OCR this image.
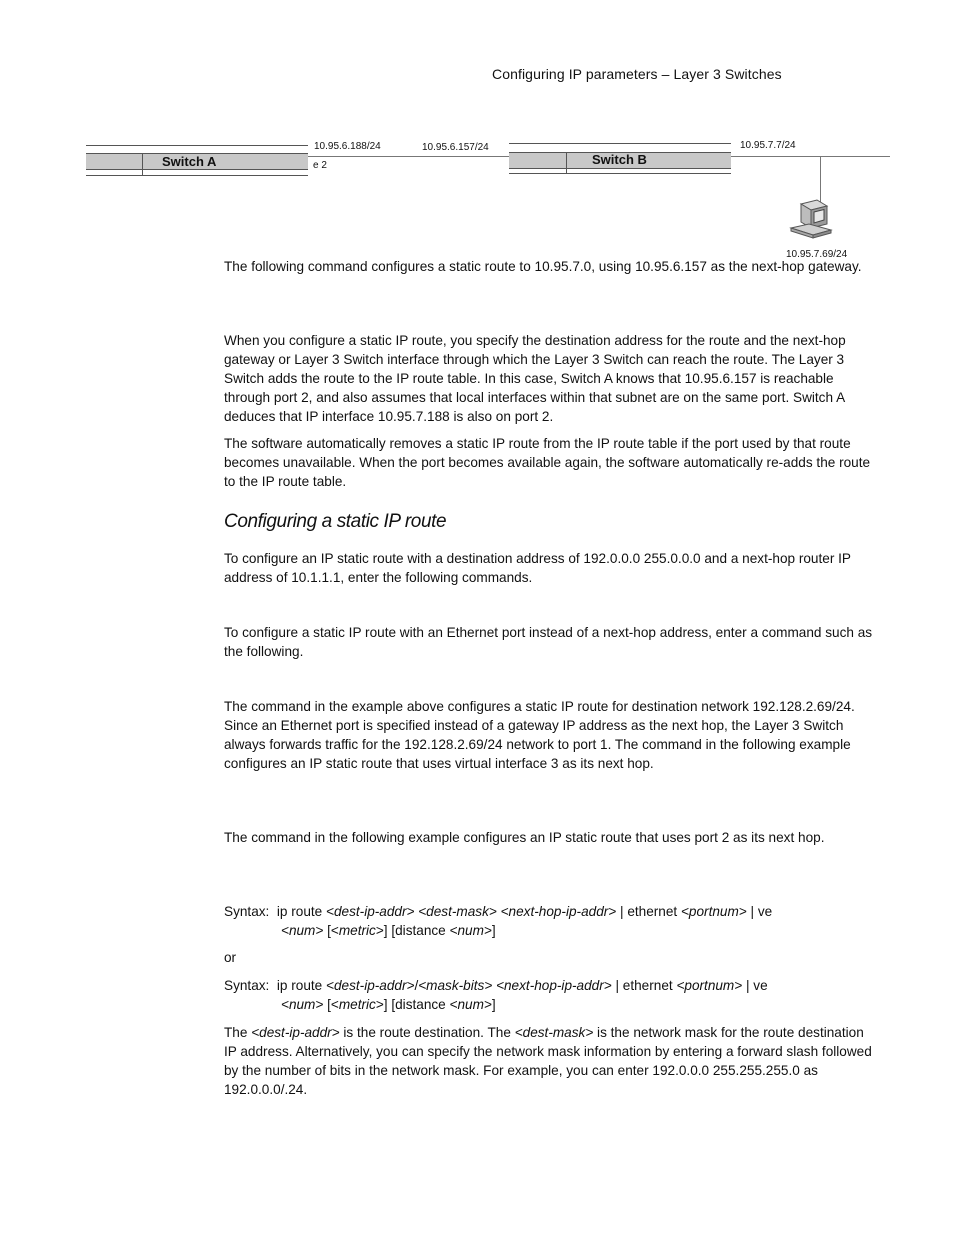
Configuring IP parameters – Layer 3 Switches
Switch A
10.95.6.188/24
e 2
10.95.6.157/24
Switch B
10.95.7.7/24
10.95.7.69/24

The following command configures a static route to 10.95.7.0, using 10.95.6.157 as the next-hop gateway.

When you configure a static IP route, you specify the destination address for the route and the next-hop gateway or Layer 3 Switch interface through which the Layer 3 Switch can reach the route. The Layer 3 Switch adds the route to the IP route table. In this case, Switch A knows that 10.95.6.157 is reachable through port 2, and also assumes that local interfaces within that subnet are on the same port. Switch A deduces that IP interface 10.95.7.188 is also on port 2.

The software automatically removes a static IP route from the IP route table if the port used by that route becomes unavailable. When the port becomes available again, the software automatically re-adds the route to the IP route table.

Configuring a static IP route

To configure an IP static route with a destination address of 192.0.0.0 255.0.0.0 and a next-hop router IP address of 10.1.1.1, enter the following commands.

To configure a static IP route with an Ethernet port instead of a next-hop address, enter a command such as the following.

The command in the example above configures a static IP route for destination network 192.128.2.69/24. Since an Ethernet port is specified instead of a gateway IP address as the next hop, the Layer 3 Switch always forwards traffic for the 192.128.2.69/24 network to port 1. The command in the following example configures an IP static route that uses virtual interface 3 as its next hop.

The command in the following example configures an IP static route that uses port 2 as its next hop.

Syntax: ip route <dest-ip-addr> <dest-mask> <next-hop-ip-addr> | ethernet <portnum> | ve
<num> [<metric>] [distance <num>]

or

Syntax: ip route <dest-ip-addr>/<mask-bits> <next-hop-ip-addr> | ethernet <portnum> | ve
<num> [<metric>] [distance <num>]

The <dest-ip-addr> is the route destination. The <dest-mask> is the network mask for the route destination IP address. Alternatively, you can specify the network mask information by entering a forward slash followed by the number of bits in the network mask. For example, you can enter 192.0.0.0 255.255.255.0 as 192.0.0.0/.24.
